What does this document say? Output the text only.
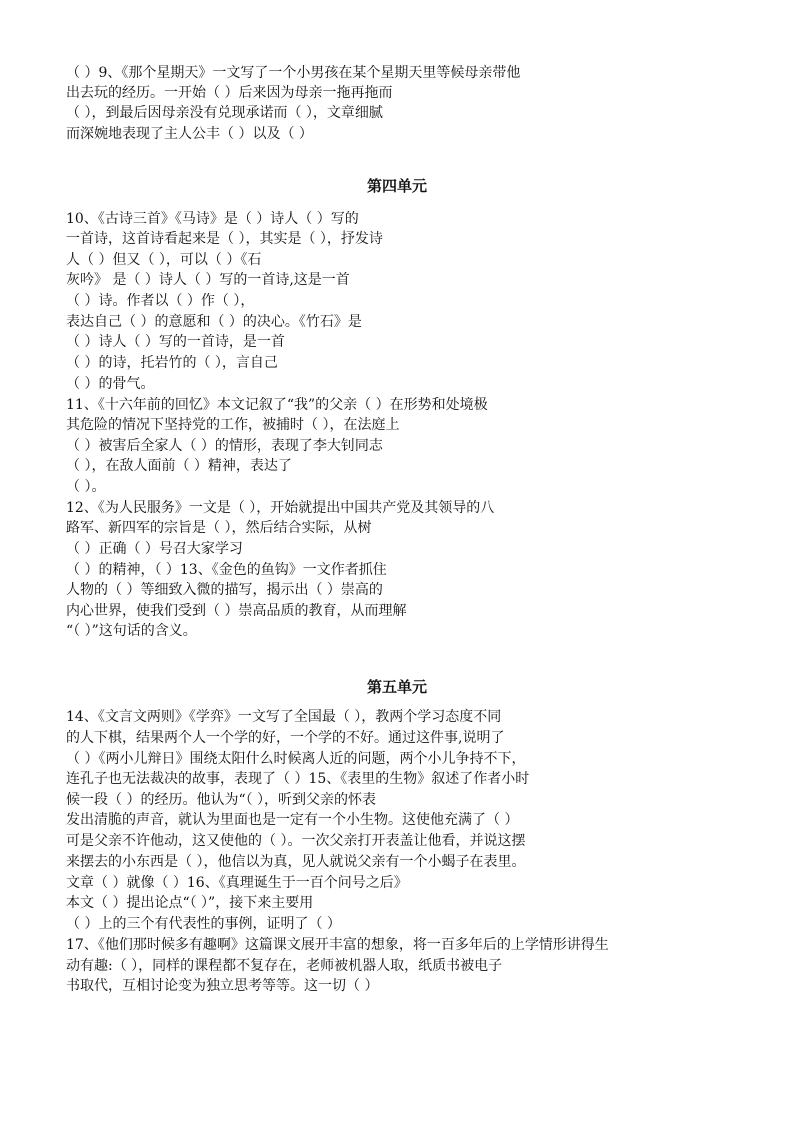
（ ）9、《那个星期天》一文写了一个小男孩在某个星期天里等候母亲带他
出去玩的经历。一开始（ ）后来因为母亲一拖再拖而
（ ），到最后因母亲没有兑现承诺而（ ），文章细腻
而深婉地表现了主人公丰（ ）以及（ ）
第四单元
10、《古诗三首》《马诗》是（ ）诗人（ ）写的
一首诗，这首诗看起来是（ ），其实是（ ），抒发诗
人（ ）但又（ ），可以（ ）《石
灰吟》 是（ ）诗人（ ）写的一首诗,这是一首
（ ）诗。作者以（ ）作（ ），
表达自己（ ）的意愿和（ ）的决心。《竹石》是
（ ）诗人（ ）写的一首诗，是一首
（ ）的诗，托岩竹的（ ），言自己
（ ）的骨气。
11、《十六年前的回忆》本文记叙了“我”的父亲（ ）在形势和处境极
其危险的情况下坚持党的工作，被捕时（ ），在法庭上
（ ）被害后全家人（ ）的情形，表现了李大钊同志
（ ），在敌人面前（ ）精神，表达了
（ ）。
12、《为人民服务》一文是（ ），开始就提出中国共产党及其领导的八
路军、新四军的宗旨是（ ），然后结合实际，从树
（ ）正确（ ）号召大家学习
（ ）的精神，（ ）13、《金色的鱼钩》一文作者抓住
人物的（ ）等细致入微的描写，揭示出（ ）崇高的
内心世界，使我们受到（ ）崇高品质的教育，从而理解
“（ ）”这句话的含义。
第五单元
14、《文言文两则》《学弈》一文写了全国最（ ），教两个学习态度不同
的人下棋，结果两个人一个学的好，一个学的不好。通过这件事,说明了
（ ）《两小儿辩日》围绕太阳什么时候离人近的问题，两个小儿争持不下，
连孔子也无法裁决的故事，表现了（ ）15、《表里的生物》叙述了作者小时
候一段（ ）的经历。他认为“（ ），听到父亲的怀表
发出清脆的声音，就认为里面也是一定有一个小生物。这使他充满了（ ）
可是父亲不许他动，这又使他的（ ）。一次父亲打开表盖让他看，并说这摆
来摆去的小东西是（ ），他信以为真，见人就说父亲有一个小蝎子在表里。
文章（ ）就像（ ）16、《真理诞生于一百个问号之后》
本文（ ）提出论点“（ ）”，接下来主要用
（ ）上的三个有代表性的事例，证明了（ ）
17、《他们那时候多有趣啊》这篇课文展开丰富的想象，将一百多年后的上学情形讲得生
动有趣:（ ），同样的课程都不复存在，老师被机器人取，纸质书被电子
书取代，互相讨论变为独立思考等等。这一切（ ）
